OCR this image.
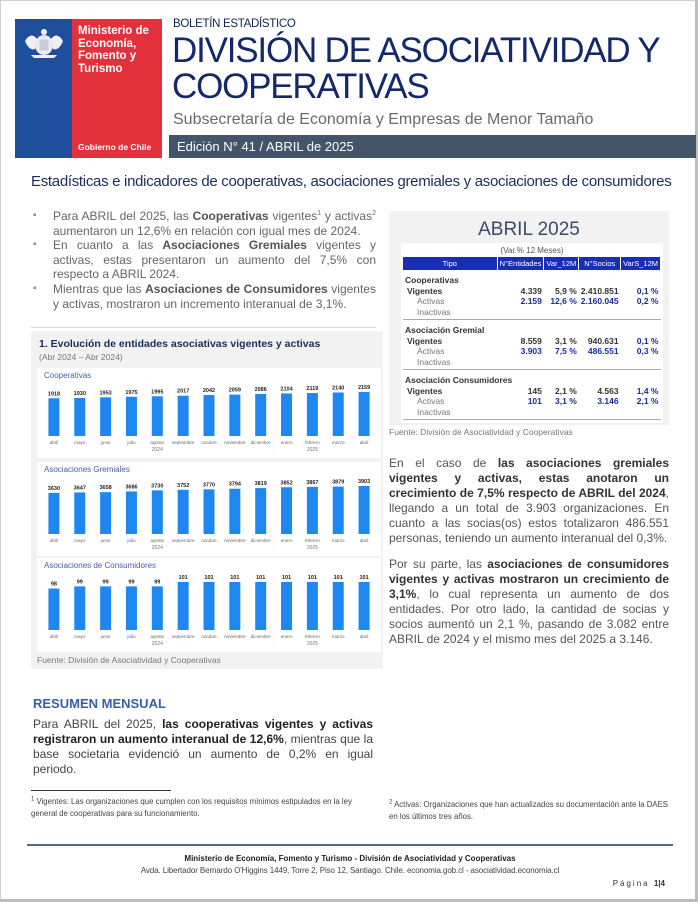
Ministerio de
Economía,
Fomento y
Turismo
Gobierno de Chile
BOLETÍN ESTADÍSTICO
DIVISIÓN DE ASOCIATIVIDAD Y
COOPERATIVAS
Subsecretaría de Economía y Empresas de Menor Tamaño
Edición N° 41 / ABRIL de 2025
Estadísticas e indicadores de cooperativas, asociaciones gremiales y asociaciones de consumidores
▪ Para ABRIL del 2025, las Cooperativas vigentes$^1$ y activas$^2$ aumentaron un 12,6% en relación con igual mes de 2024.
▪ En cuanto a las Asociaciones Gremiales vigentes y activas, estas presentaron un aumento del 7,5% con respecto a ABRIL 2024.
▪ Mientras que las Asociaciones de Consumidores vigentes y activas, mostraron un incremento interanual de 3,1%.
1. Evolución de entidades asociativas vigentes y activas
(Abr 2024 – Abr 2024)
1918
abril
1930
mayo
1953
junio
1975
julio
1995
agosto
2017
septiembre
2042
octubre
2059
noviembre
2086
diciembre
2104
enero
2119
febrero
2140
marzo
2159
abril
2024	2025
Cooperativas
3630
abril
3647
mayo
3658
junio
3686
julio
3730
agosto
3752
septiembre
3770
octubre
3794
noviembre
3819
diciembre
3852
enero
3867
febrero
3879
marzo
3903
abril
2024	2025
Asociaciones Gremiales
98
abril
99
mayo
99
junio
99
julio
99
agosto
101
septiembre
101
octubre
101
noviembre
101
diciembre
101
enero
101
febrero
101
marzo
101
abril
2024	2025
Asociaciones de Consumidores
Fuente: División de Asociatividad y Cooperativas
ABRIL 2025
(Var.% 12 Meses)
Tipo	N°Entidades	Var_12M	N°Socios	VarS_12M
Cooperativas				
Vigentes	4.339	5,9 %	2.410.851	0,1 %
Activas	2.159	12,6 %	2.160.045	0,2 %
Inactivas				
Asociación Gremial				
Vigentes	8.559	3,1 %	940.631	0,1 %
Activas	3.903	7,5 %	486.551	0,3 %
Inactivas				
Asociación Consumidores				
Vigentes	145	2,1 %	4.563	1,4 %
Activas	101	3,1 %	3.146	2,1 %
Inactivas				
Fuente: División de Asociatividad y Cooperativas

En el caso de las asociaciones gremiales vigentes y activas, estas anotaron un crecimiento de 7,5% respecto de ABRIL del 2024, llegando a un total de 3.903 organizaciones. En cuanto a las socias(os) estos totalizaron 486.551 personas, teniendo un aumento interanual del 0,3%.

Por su parte, las asociaciones de consumidores vigentes y activas mostraron un crecimiento de 3,1%, lo cual representa un aumento de dos entidades. Por otro lado, la cantidad de socias y socios aumentó un 2,1 %, pasando de 3.082 entre ABRIL de 2024 y el mismo mes del 2025 a 3.146.

RESUMEN MENSUAL

Para ABRIL del 2025, las cooperativas vigentes y activas registraron un aumento interanual de 12,6%, mientras que la base societaria evidenció un aumento de 0,2% en igual periodo.

$^1$ Vigentes: Las organizaciones que cumplen con los requisitos mínimos estipulados en la ley general de cooperativas para su funcionamiento.
$^2$ Activas: Organizaciones que han actualizados su documentación ante la DAES en los últimos tres años.
Ministerio de Economía, Fomento y Turismo - División de Asociatividad y Cooperativas
Avda. Libertador Bernardo O'Higgins 1449, Torre 2, Piso 12, Santiago. Chile. economia.gob.cl - asociatividad.economia.cl
Página 1|4
